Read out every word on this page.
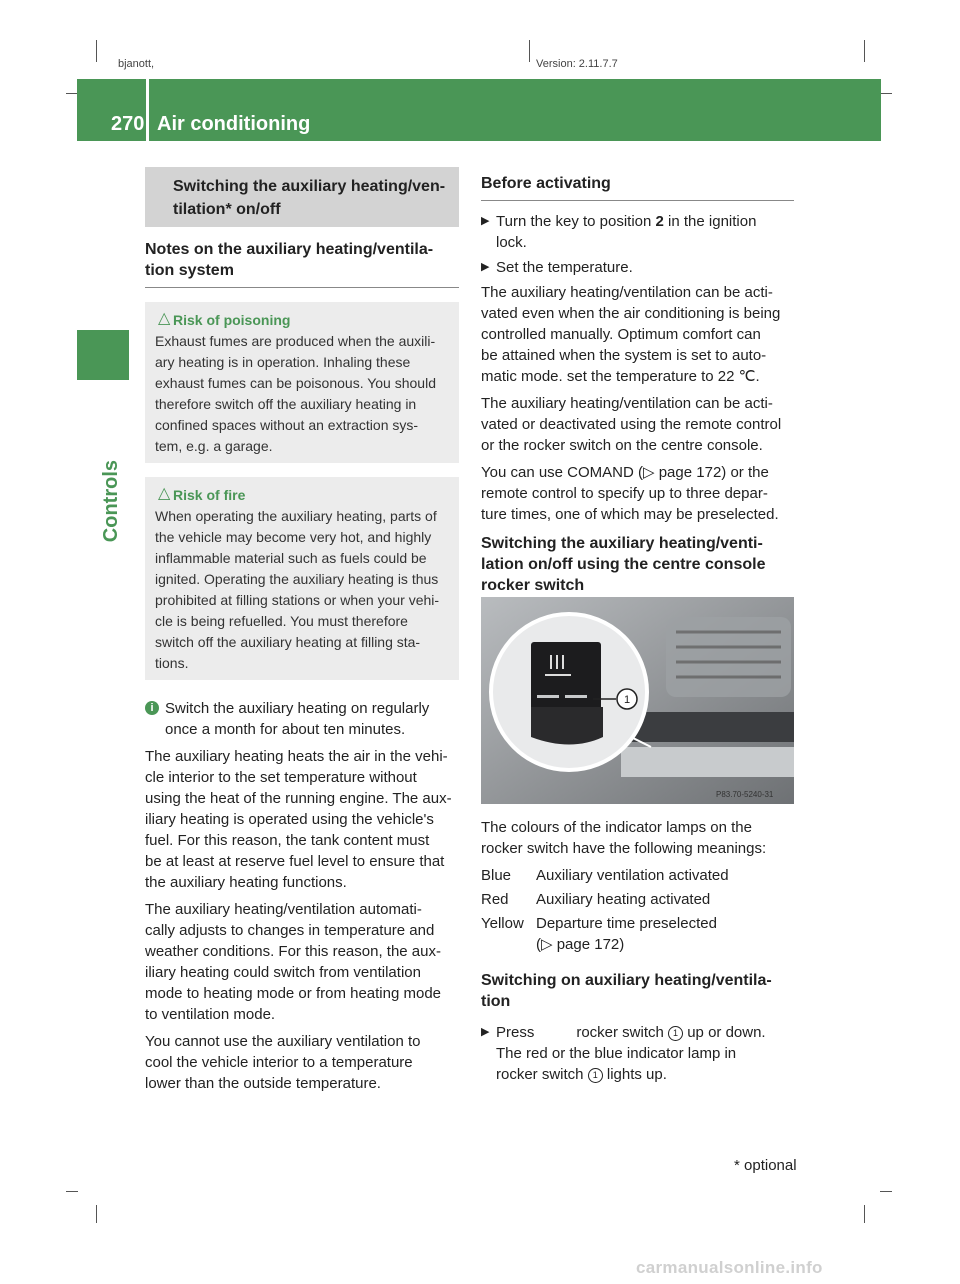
bjanott,	Version: 2.11.7.7
270 Air conditioning
Controls
Switching the auxiliary heating/ven-
tilation* on/off
Notes on the auxiliary heating/ventila-
tion system
△ Risk of poisoning
Exhaust fumes are produced when the auxili-
ary heating is in operation. Inhaling these
exhaust fumes can be poisonous. You should
therefore switch off the auxiliary heating in
confined spaces without an extraction sys-
tem, e.g. a garage.
△ Risk of fire
When operating the auxiliary heating, parts of
the vehicle may become very hot, and highly
inflammable material such as fuels could be
ignited. Operating the auxiliary heating is thus
prohibited at filling stations or when your vehi-
cle is being refuelled. You must therefore
switch off the auxiliary heating at filling sta-
tions.
i Switch the auxiliary heating on regularly
once a month for about ten minutes.

The auxiliary heating heats the air in the vehi-
cle interior to the set temperature without
using the heat of the running engine. The aux-
iliary heating is operated using the vehicle's
fuel. For this reason, the tank content must
be at least at reserve fuel level to ensure that
the auxiliary heating functions.

The auxiliary heating/ventilation automati-
cally adjusts to changes in temperature and
weather conditions. For this reason, the aux-
iliary heating could switch from ventilation
mode to heating mode or from heating mode
to ventilation mode.

You cannot use the auxiliary ventilation to
cool the vehicle interior to a temperature
lower than the outside temperature.

Before activating
▶ Turn the key to position 2 in the ignition
lock.
▶ Set the temperature.

The auxiliary heating/ventilation can be acti-
vated even when the air conditioning is being
controlled manually. Optimum comfort can
be attained when the system is set to auto-
matic mode. set the temperature to 22 ℃.

The auxiliary heating/ventilation can be acti-
vated or deactivated using the remote control
or the rocker switch on the centre console.

You can use COMAND (▷ page 172) or the
remote control to specify up to three depar-
ture times, one of which may be preselected.

Switching the auxiliary heating/venti-
lation on/off using the centre console
rocker switch
1
P83.70-5240-31

The colours of the indicator lamps on the
rocker switch have the following meanings:

Blue	Auxiliary ventilation activated
Red	Auxiliary heating activated
Yellow	Departure time preselected
(▷ page 172)
Switching on auxiliary heating/ventila-
tion
▶ Press	rocker switch 1 up or down.
The red or the blue indicator lamp in
rocker switch 1 lights up.
* optional
carmanualsonline.info
